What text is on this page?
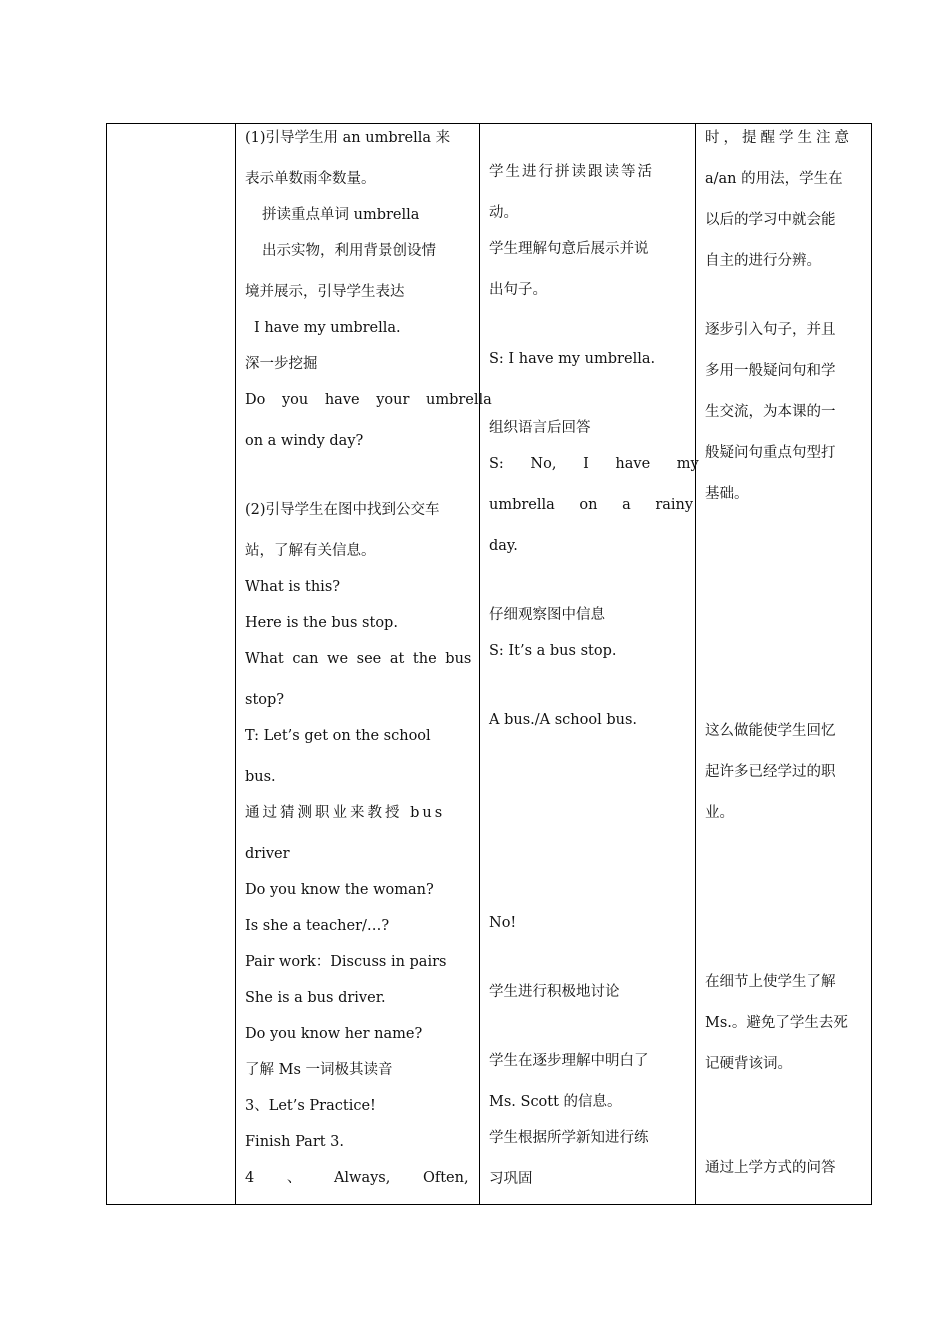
(1)引导学生用 an umbrella 来
表示单数雨伞数量。
拼读重点单词 umbrella
出示实物，利用背景创设情
境并展示，引导学生表达
I have my umbrella.
深一步挖掘
Do you have your umbrella
on a windy day?
(2)引导学生在图中找到公交车
站，了解有关信息。
What is this?
Here is the bus stop.
What can we see at the bus
stop?
T: Let’s get on the school
bus.
通过猜测职业来教授 bus
driver
Do you know the woman?
Is she a teacher/…?
Pair work：Discuss in pairs
She is a bus driver.
Do you know her name?
了解 Ms 一词极其读音
3、Let’s Practice!
Finish Part 3.
4 、 Always, Often,
学生进行拼读跟读等活
动。
学生理解句意后展示并说
出句子。
S: I have my umbrella.
组织语言后回答
S: No, I have my
umbrella on a rainy
day.
仔细观察图中信息
S: It’s a bus stop.
A bus./A school bus.
No!
学生进行积极地讨论
学生在逐步理解中明白了
Ms. Scott 的信息。
学生根据所学新知进行练
习巩固
时，提醒学生注意
a/an 的用法，学生在
以后的学习中就会能
自主的进行分辨。
逐步引入句子，并且
多用一般疑问句和学
生交流，为本课的一
般疑问句重点句型打
基础。
这么做能使学生回忆
起许多已经学过的职
业。
在细节上使学生了解
Ms.。避免了学生去死
记硬背该词。
通过上学方式的问答
